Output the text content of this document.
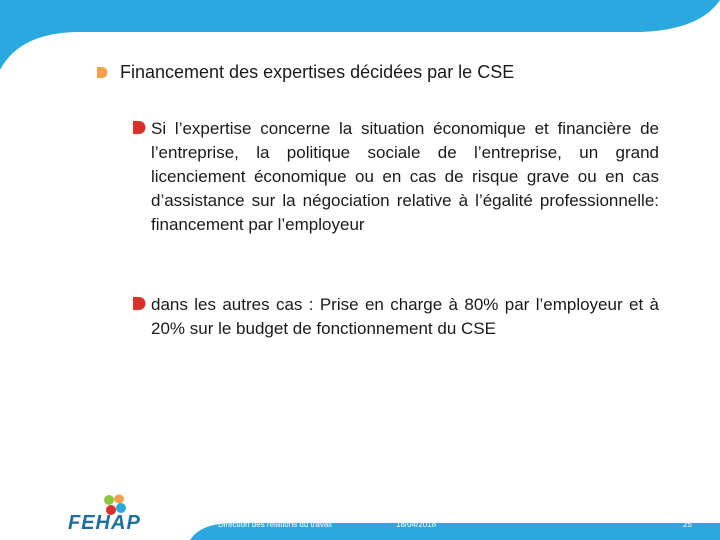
Financement des expertises décidées par le CSE
Si l’expertise concerne la situation économique et financière de l’entreprise, la politique sociale de l’entreprise, un grand licenciement économique ou en cas de risque grave ou en cas d’assistance sur la négociation relative à l’égalité professionnelle: financement par l’employeur
dans les autres cas : Prise en charge à 80% par l’employeur et à 20% sur le budget de fonctionnement du CSE
Direction des relations du travail	18/04/2018	25
FEHAP
